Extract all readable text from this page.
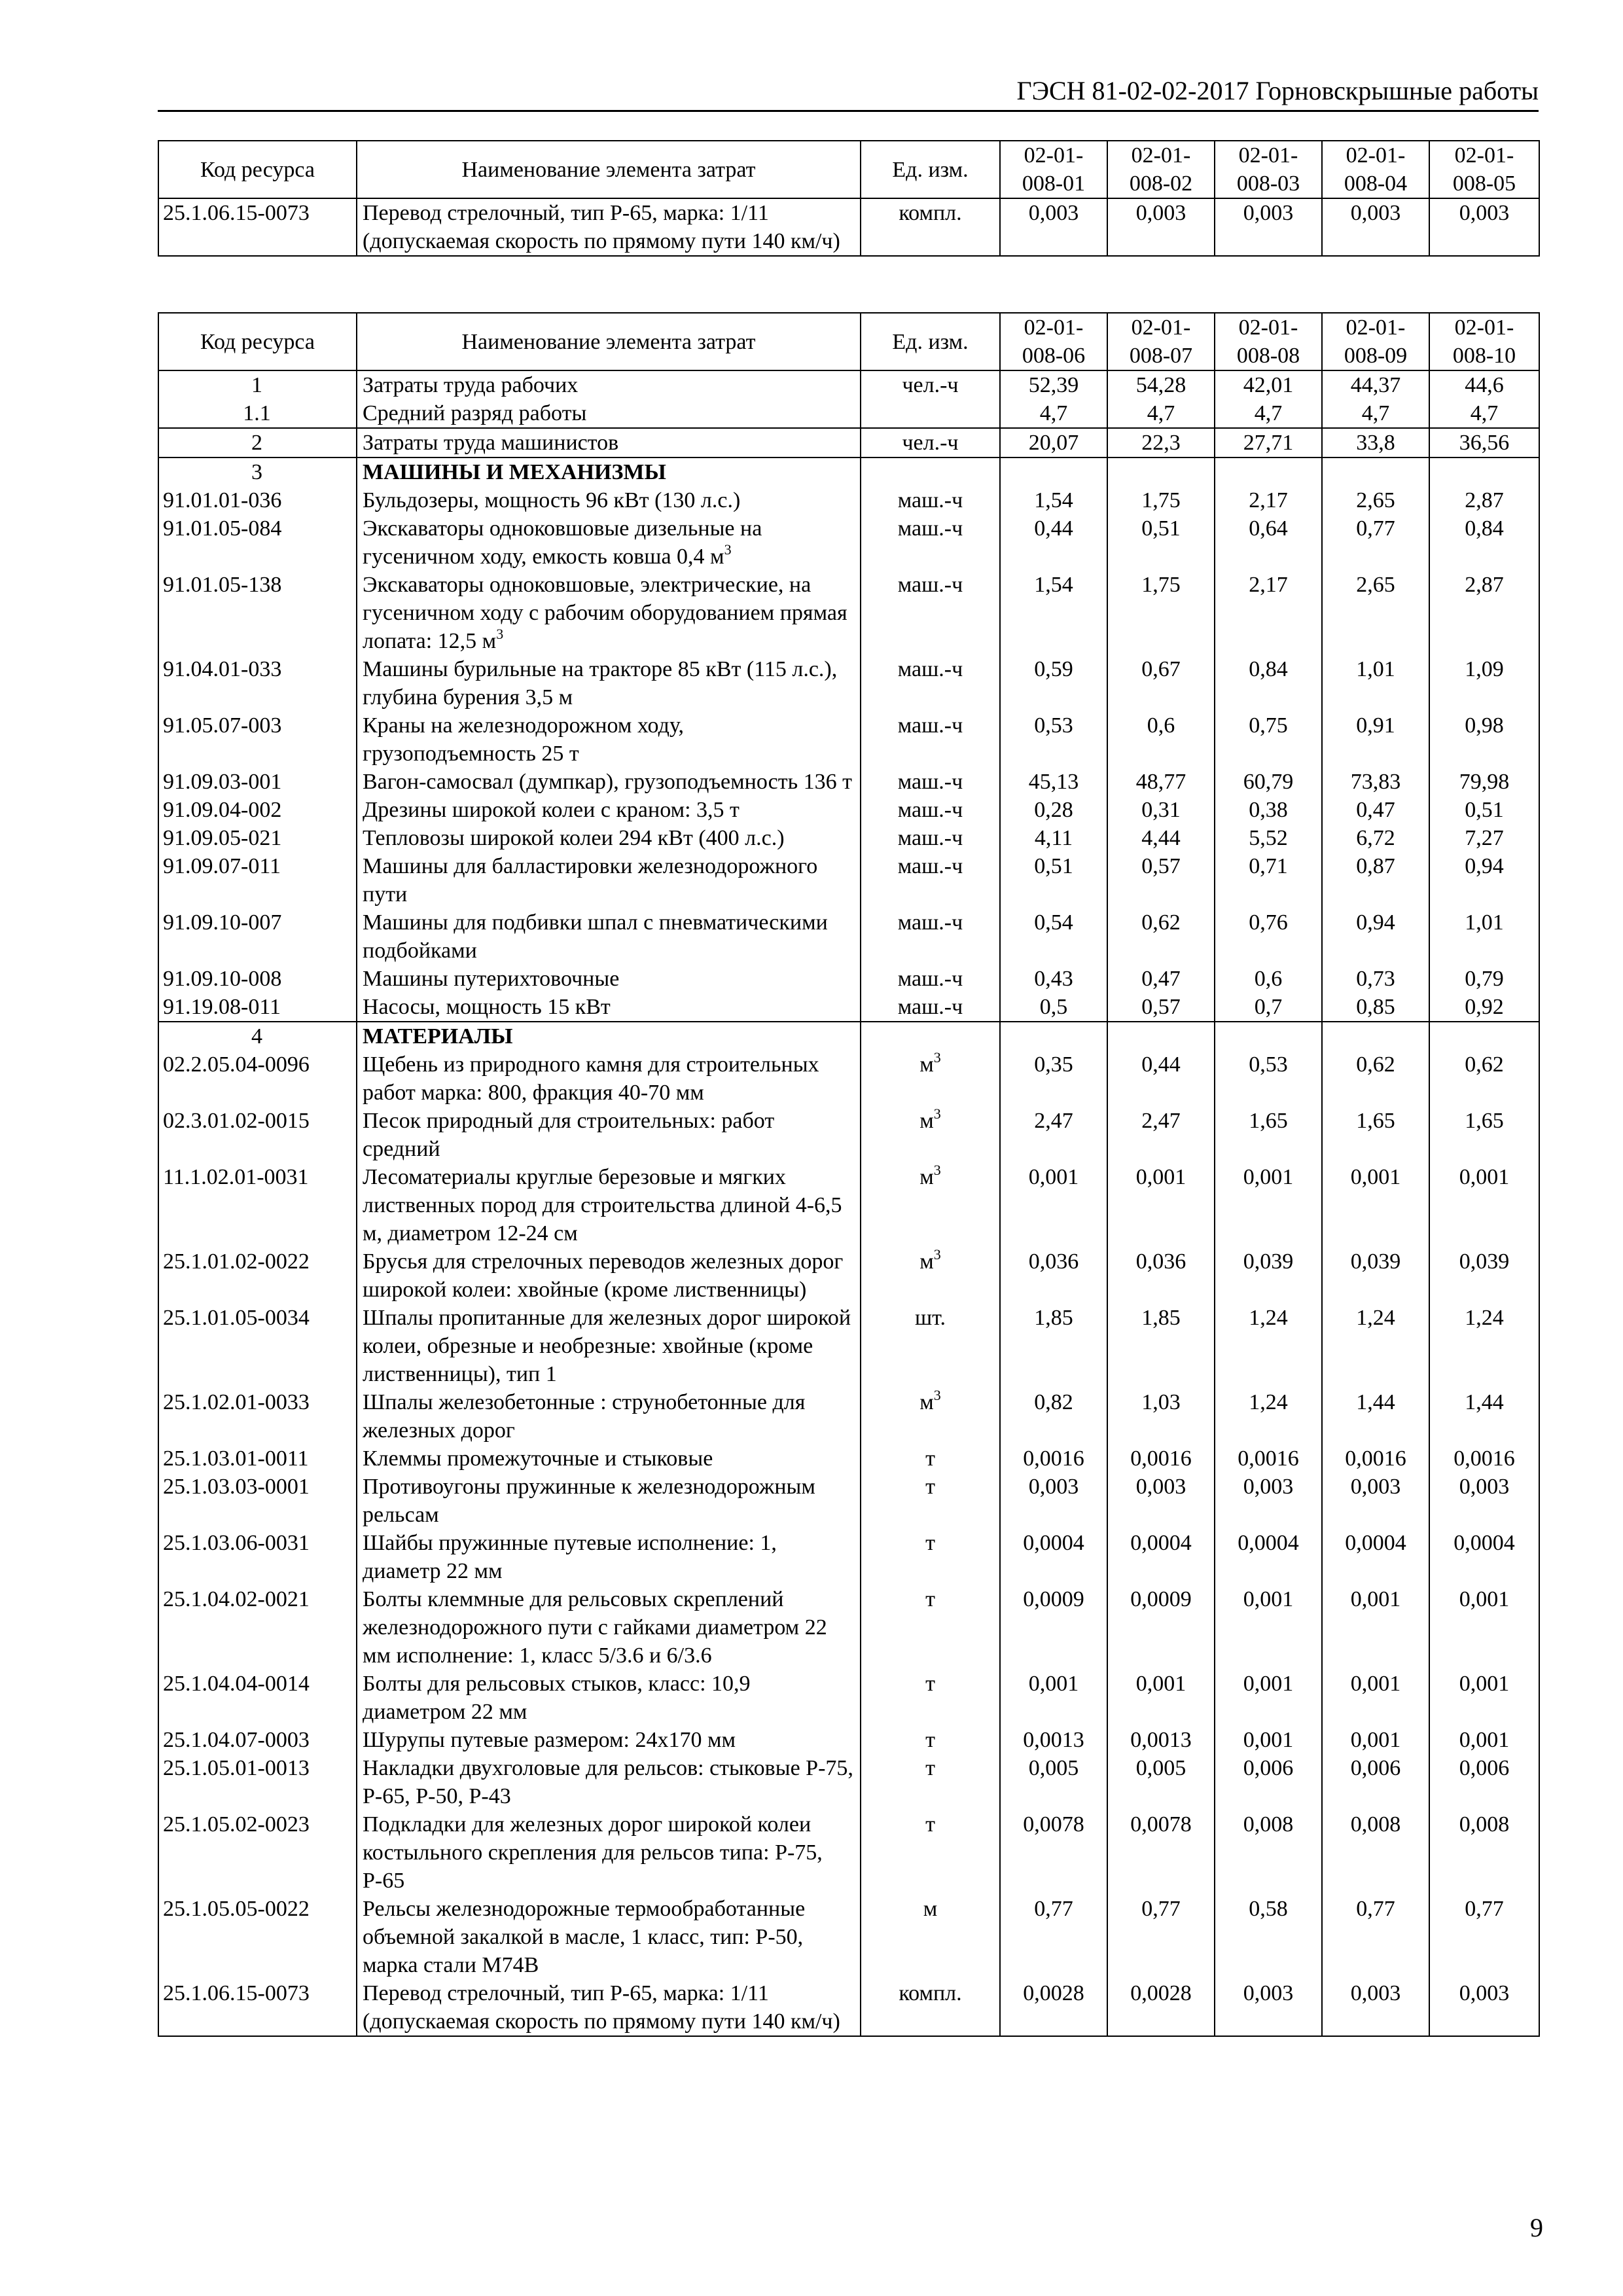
ГЭСН 81-02-02-2017 Горновскрышные работы
Код ресурса	Наименование элемента затрат	Ед. изм.	02-01-008-01	02-01-008-02	02-01-008-03	02-01-008-04	02-01-008-05
25.1.06.15-0073	Перевод стрелочный, тип Р-65, марка: 1/11 (допускаемая скорость по прямому пути 140 км/ч)	компл.	0,003	0,003	0,003	0,003	0,003
Код ресурса	Наименование элемента затрат	Ед. изм.	02-01-008-06	02-01-008-07	02-01-008-08	02-01-008-09	02-01-008-10
1	Затраты труда рабочих	чел.-ч	52,39	54,28	42,01	44,37	44,6
1.1	Средний разряд работы		4,7	4,7	4,7	4,7	4,7
2	Затраты труда машинистов	чел.-ч	20,07	22,3	27,71	33,8	36,56
3	МАШИНЫ И МЕХАНИЗМЫ						
91.01.01-036	Бульдозеры, мощность 96 кВт (130 л.с.)	маш.-ч	1,54	1,75	2,17	2,65	2,87
91.01.05-084	Экскаваторы одноковшовые дизельные на гусеничном ходу, емкость ковша 0,4 $м^3$	маш.-ч	0,44	0,51	0,64	0,77	0,84
91.01.05-138	Экскаваторы одноковшовые, электрические, на гусеничном ходу с рабочим оборудованием прямая лопата: 12,5 $м^3$	маш.-ч	1,54	1,75	2,17	2,65	2,87
91.04.01-033	Машины бурильные на тракторе 85 кВт (115 л.с.), глубина бурения 3,5 м	маш.-ч	0,59	0,67	0,84	1,01	1,09
91.05.07-003	Краны на железнодорожном ходу, грузоподъемность 25 т	маш.-ч	0,53	0,6	0,75	0,91	0,98
91.09.03-001	Вагон-самосвал (думпкар), грузоподъемность 136 т	маш.-ч	45,13	48,77	60,79	73,83	79,98
91.09.04-002	Дрезины широкой колеи с краном: 3,5 т	маш.-ч	0,28	0,31	0,38	0,47	0,51
91.09.05-021	Тепловозы широкой колеи 294 кВт (400 л.с.)	маш.-ч	4,11	4,44	5,52	6,72	7,27
91.09.07-011	Машины для балластировки железнодорожного пути	маш.-ч	0,51	0,57	0,71	0,87	0,94
91.09.10-007	Машины для подбивки шпал с пневматическими подбойками	маш.-ч	0,54	0,62	0,76	0,94	1,01
91.09.10-008	Машины путерихтовочные	маш.-ч	0,43	0,47	0,6	0,73	0,79
91.19.08-011	Насосы, мощность 15 кВт	маш.-ч	0,5	0,57	0,7	0,85	0,92
4	МАТЕРИАЛЫ						
02.2.05.04-0096	Щебень из природного камня для строительных работ марка: 800, фракция 40-70 мм	$м^3$	0,35	0,44	0,53	0,62	0,62
02.3.01.02-0015	Песок природный для строительных: работ средний	$м^3$	2,47	2,47	1,65	1,65	1,65
11.1.02.01-0031	Лесоматериалы круглые березовые и мягких лиственных пород для строительства длиной 4-6,5 м, диаметром 12-24 см	$м^3$	0,001	0,001	0,001	0,001	0,001
25.1.01.02-0022	Брусья для стрелочных переводов железных дорог широкой колеи: хвойные (кроме лиственницы)	$м^3$	0,036	0,036	0,039	0,039	0,039
25.1.01.05-0034	Шпалы пропитанные для железных дорог широкой колеи, обрезные и необрезные: хвойные (кроме лиственницы), тип 1	шт.	1,85	1,85	1,24	1,24	1,24
25.1.02.01-0033	Шпалы железобетонные : струнобетонные для железных дорог	$м^3$	0,82	1,03	1,24	1,44	1,44
25.1.03.01-0011	Клеммы промежуточные и стыковые	т	0,0016	0,0016	0,0016	0,0016	0,0016
25.1.03.03-0001	Противоугоны пружинные к железнодорожным рельсам	т	0,003	0,003	0,003	0,003	0,003
25.1.03.06-0031	Шайбы пружинные путевые исполнение: 1, диаметр 22 мм	т	0,0004	0,0004	0,0004	0,0004	0,0004
25.1.04.02-0021	Болты клеммные для рельсовых скреплений железнодорожного пути с гайками диаметром 22 мм исполнение: 1, класс 5/3.6 и 6/3.6	т	0,0009	0,0009	0,001	0,001	0,001
25.1.04.04-0014	Болты для рельсовых стыков, класс: 10,9 диаметром 22 мм	т	0,001	0,001	0,001	0,001	0,001
25.1.04.07-0003	Шурупы путевые размером: 24х170 мм	т	0,0013	0,0013	0,001	0,001	0,001
25.1.05.01-0013	Накладки двухголовые для рельсов: стыковые Р-75, Р-65, Р-50, Р-43	т	0,005	0,005	0,006	0,006	0,006
25.1.05.02-0023	Подкладки для железных дорог широкой колеи костыльного скрепления для рельсов типа: Р-75, Р-65	т	0,0078	0,0078	0,008	0,008	0,008
25.1.05.05-0022	Рельсы железнодорожные термообработанные объемной закалкой в масле, 1 класс, тип: Р-50, марка стали М74В	м	0,77	0,77	0,58	0,77	0,77
25.1.06.15-0073	Перевод стрелочный, тип Р-65, марка: 1/11 (допускаемая скорость по прямому пути 140 км/ч)	компл.	0,0028	0,0028	0,003	0,003	0,003
9
